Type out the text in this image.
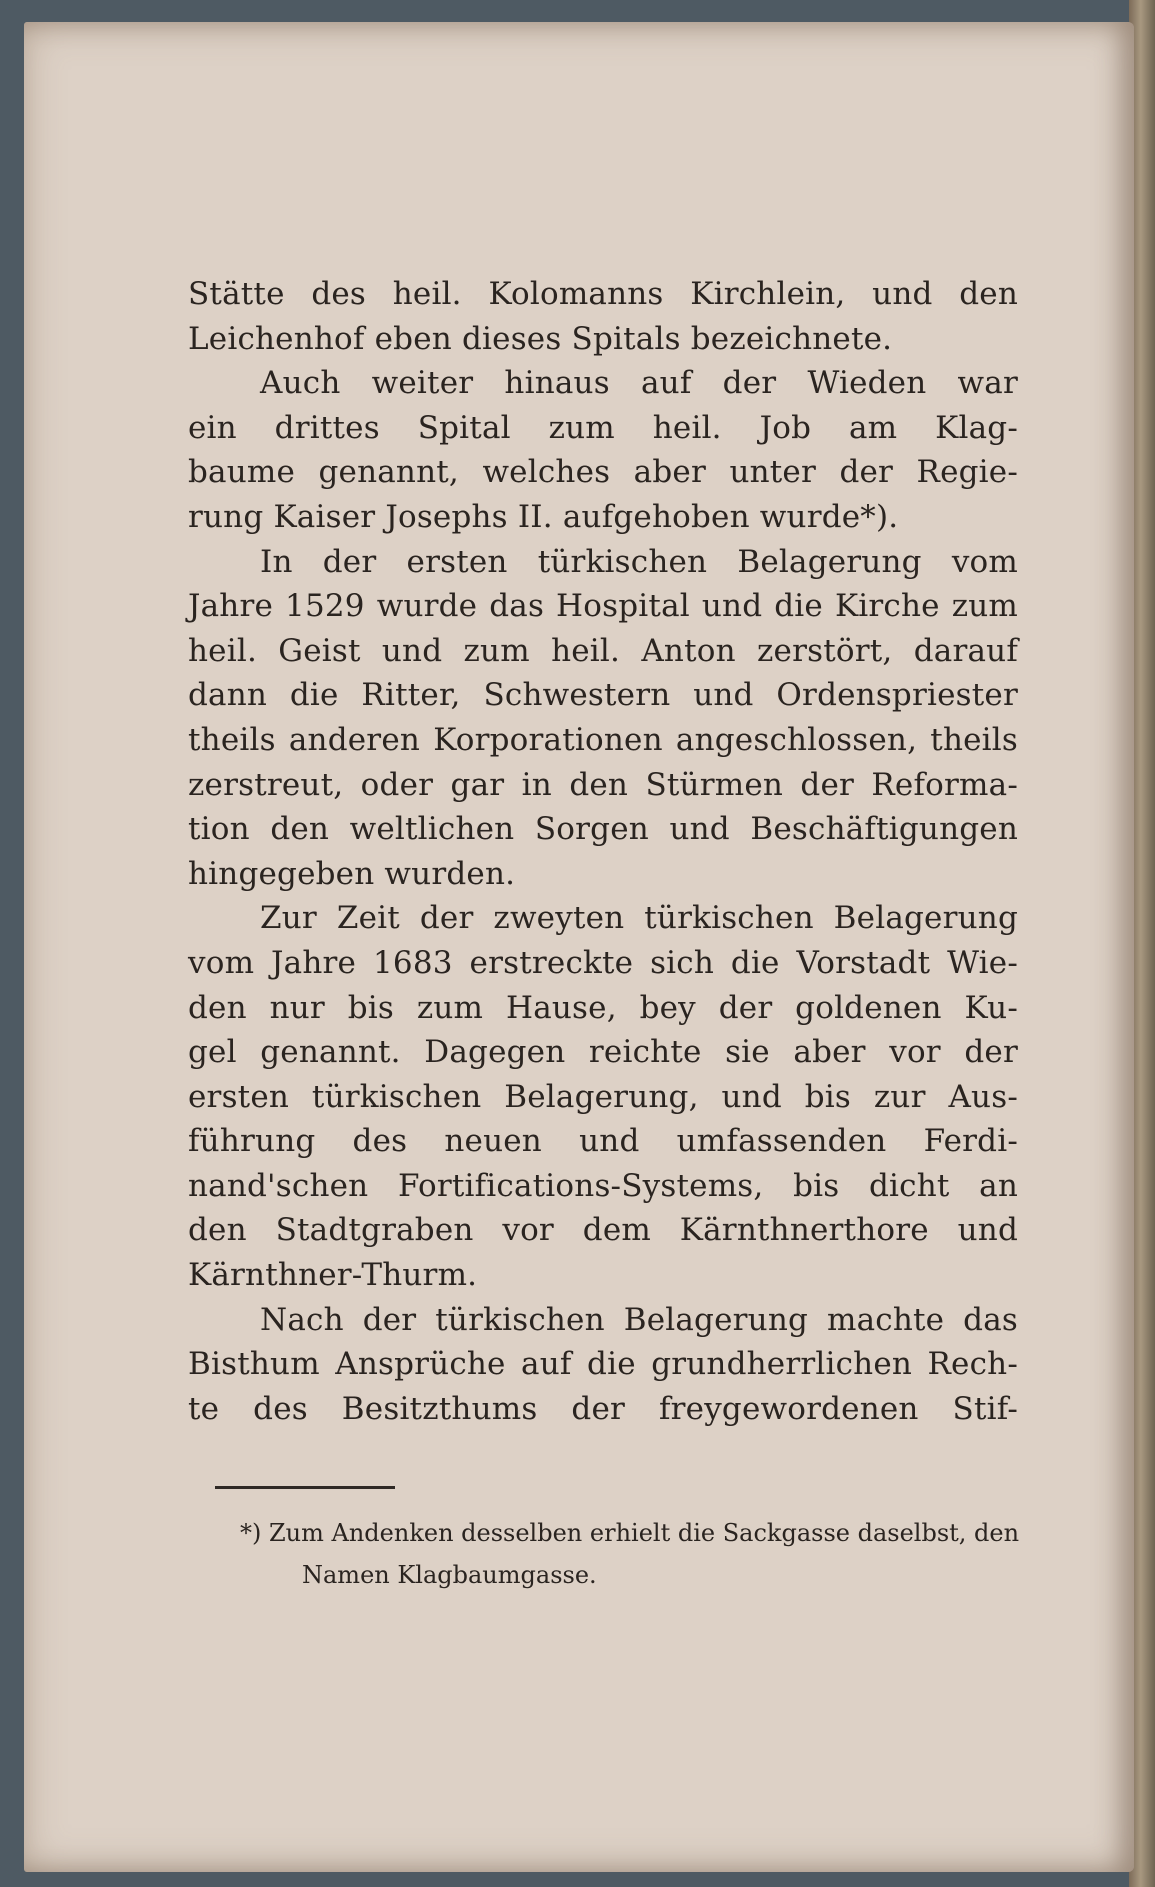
Stätte des heil. Kolomanns Kirchlein, und den
Leichenhof eben dieses Spitals bezeichnete.
Auch weiter hinaus auf der Wieden war
ein drittes Spital zum heil. Job am Klag-
baume genannt, welches aber unter der Regie-
rung Kaiser Josephs II. aufgehoben wurde*).
In der ersten türkischen Belagerung vom
Jahre 1529 wurde das Hospital und die Kirche zum
heil. Geist und zum heil. Anton zerstört, darauf
dann die Ritter, Schwestern und Ordenspriester
theils anderen Korporationen angeschlossen, theils
zerstreut, oder gar in den Stürmen der Reforma-
tion den weltlichen Sorgen und Beschäftigungen
hingegeben wurden.
Zur Zeit der zweyten türkischen Belagerung
vom Jahre 1683 erstreckte sich die Vorstadt Wie-
den nur bis zum Hause, bey der goldenen Ku-
gel genannt. Dagegen reichte sie aber vor der
ersten türkischen Belagerung, und bis zur Aus-
führung des neuen und umfassenden Ferdi-
nand'schen Fortifications-Systems, bis dicht an
den Stadtgraben vor dem Kärnthnerthore und
Kärnthner-Thurm.
Nach der türkischen Belagerung machte das
Bisthum Ansprüche auf die grundherrlichen Rech-
te des Besitzthums der freygewordenen Stif-
*) Zum Andenken desselben erhielt die Sackgasse daselbst, den
Namen Klagbaumgasse.
